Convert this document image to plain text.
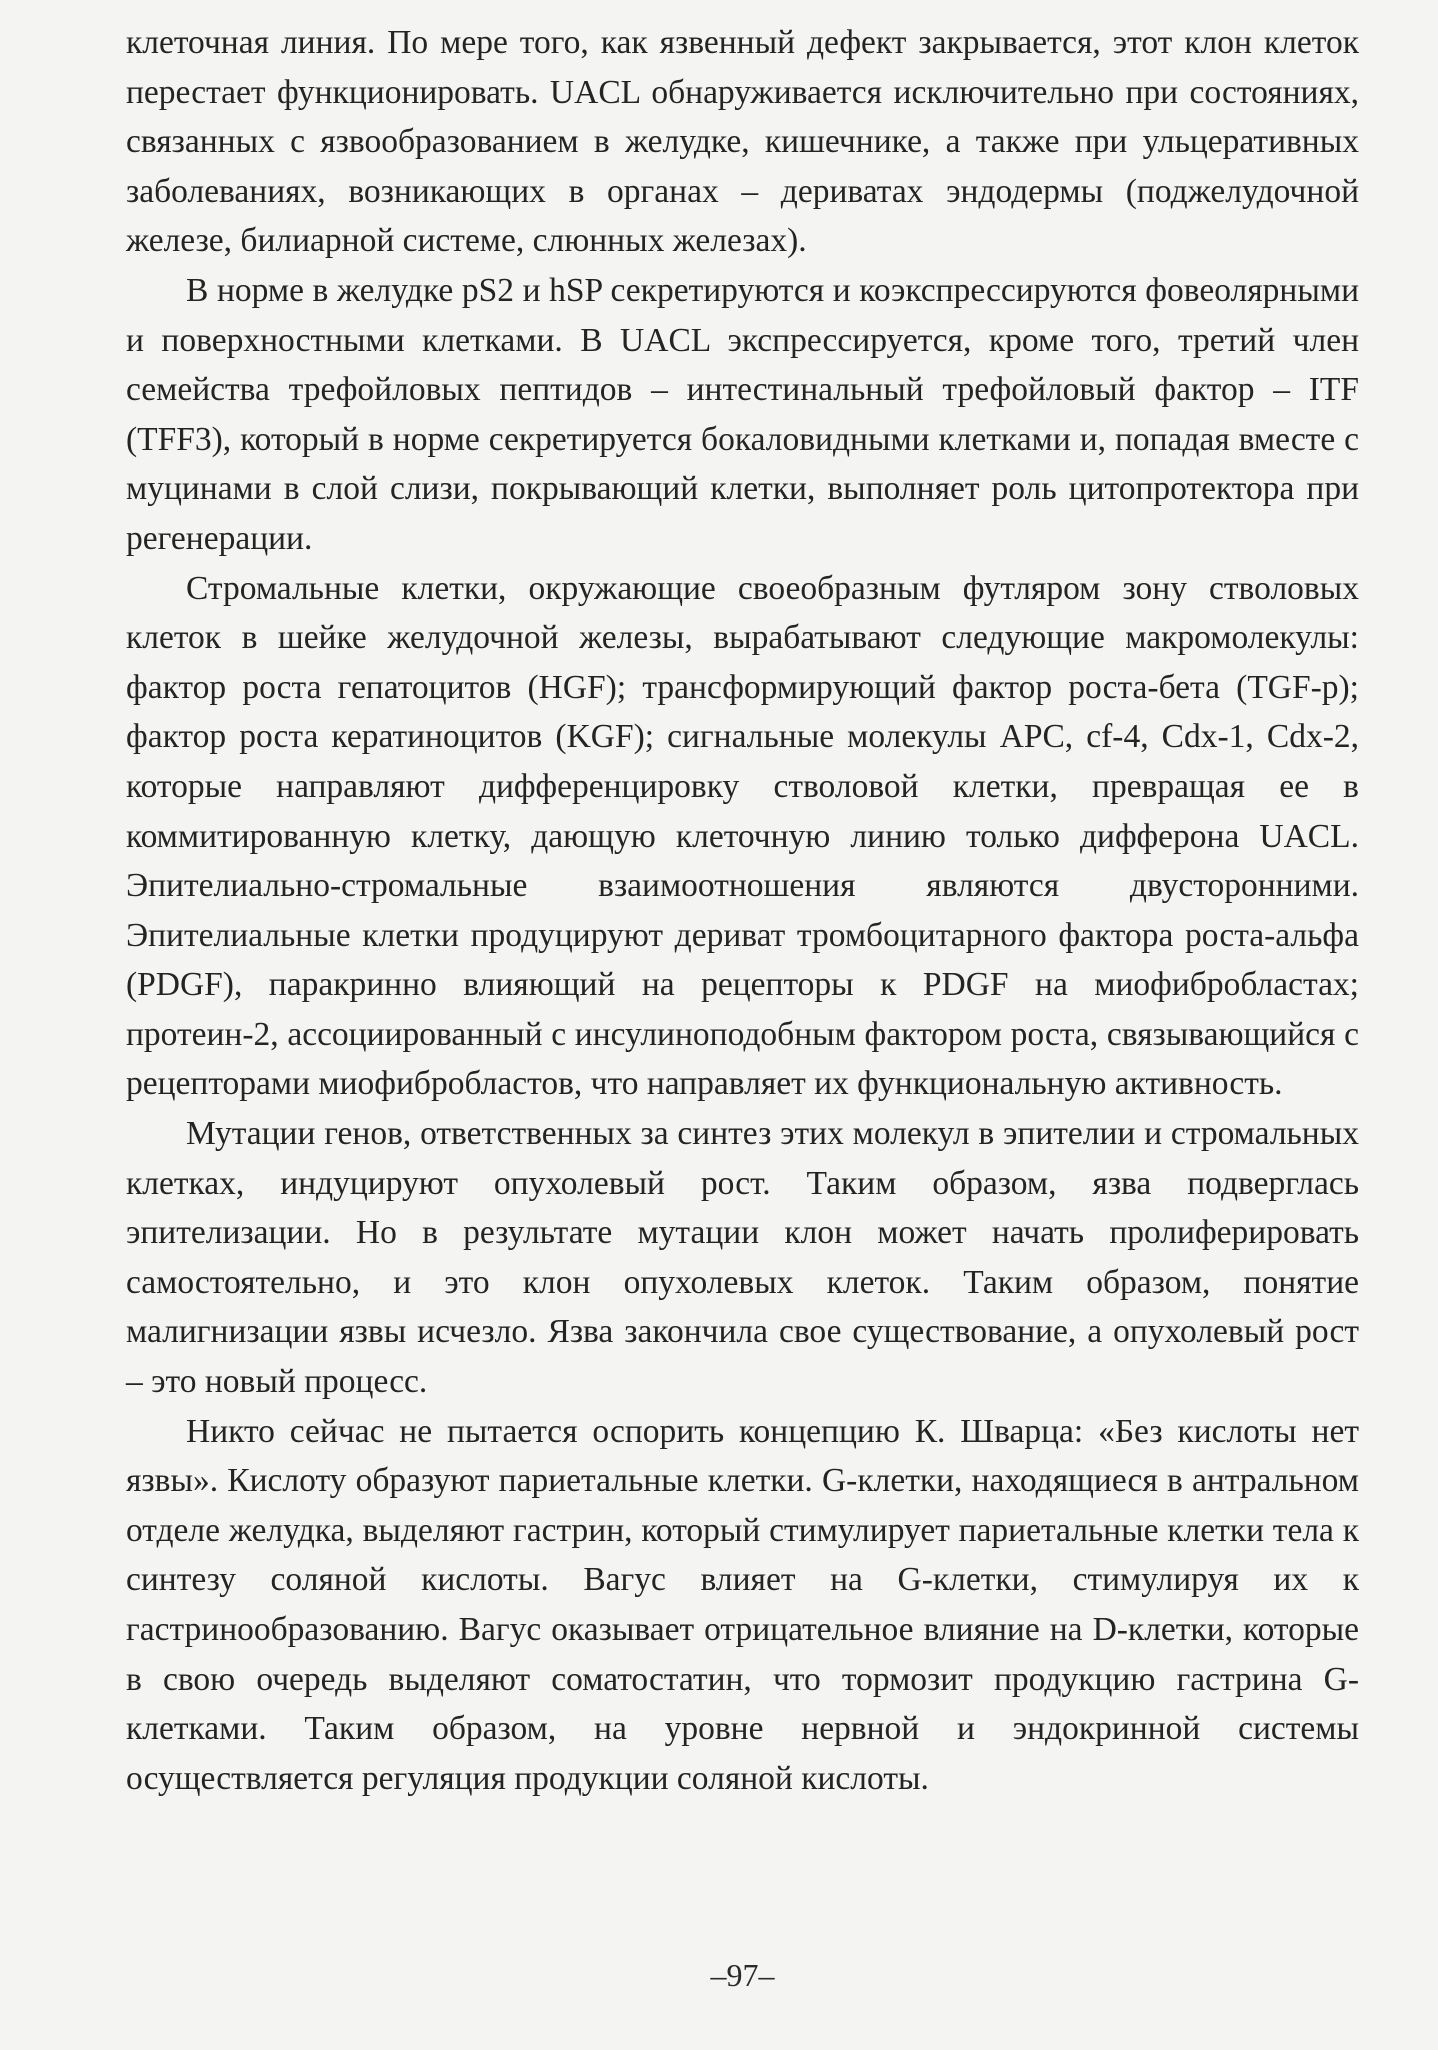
клеточная линия. По мере того, как язвенный дефект закрывается, этот клон клеток перестает функционировать. UACL обнаруживается исключительно при состояниях, связанных с язвообразованием в желудке, кишечнике, а также при ульцеративных заболеваниях, возникающих в органах – дериватах эндодермы (поджелудочной железе, билиарной системе, слюнных железах).

В норме в желудке pS2 и hSP секретируются и коэкспрессируются фовеолярными и поверхностными клетками. В UACL экспрессируется, кроме того, третий член семейства трефойловых пептидов – интестинальный трефойловый фактор – ITF (TFF3), который в норме секретируется бокаловидными клетками и, попадая вместе с муцинами в слой слизи, покрывающий клетки, выполняет роль цитопротектора при регенерации.

Стромальные клетки, окружающие своеобразным футляром зону стволовых клеток в шейке желудочной железы, вырабатывают следующие макромолекулы: фактор роста гепатоцитов (HGF); трансформирующий фактор роста-бета (TGF-p); фактор роста кератиноцитов (KGF); сигнальные молекулы APC, cf-4, Cdx-1, Cdx-2, которые направляют дифференцировку стволовой клетки, превращая ее в коммитированную клетку, дающую клеточную линию только дифферона UACL. Эпителиально-стромальные взаимоотношения являются двусторонними. Эпителиальные клетки продуцируют дериват тромбоцитарного фактора роста-альфа (PDGF), паракринно влияющий на рецепторы к PDGF на миофибробластах; протеин-2, ассоциированный с инсулиноподобным фактором роста, связывающийся с рецепторами миофибробластов, что направляет их функциональную активность.

Мутации генов, ответственных за синтез этих молекул в эпителии и стромальных клетках, индуцируют опухолевый рост. Таким образом, язва подверглась эпителизации. Но в результате мутации клон может начать пролиферировать самостоятельно, и это клон опухолевых клеток. Таким образом, понятие малигнизации язвы исчезло. Язва закончила свое существование, а опухолевый рост – это новый процесс.

Никто сейчас не пытается оспорить концепцию К. Шварца: «Без кислоты нет язвы». Кислоту образуют париетальные клетки. G-клетки, находящиеся в антральном отделе желудка, выделяют гастрин, который стимулирует париетальные клетки тела к синтезу соляной кислоты. Вагус влияет на G-клетки, стимулируя их к гастринообразованию. Вагус оказывает отрицательное влияние на D-клетки, которые в свою очередь выделяют соматостатин, что тормозит продукцию гастрина G-клетками. Таким образом, на уровне нервной и эндокринной системы осуществляется регуляция продукции соляной кислоты.

–97–
